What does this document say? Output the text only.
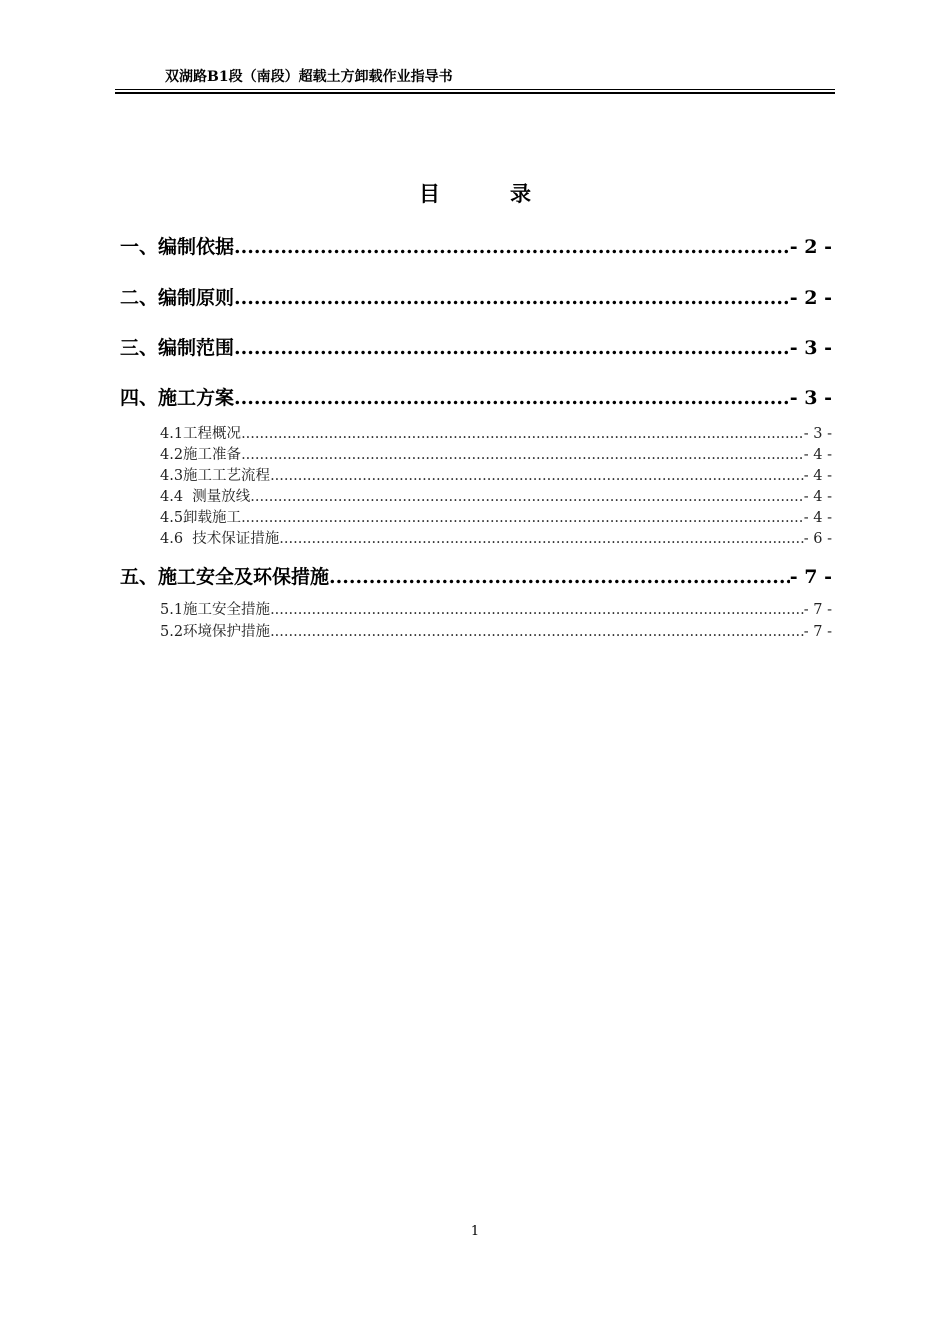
双湖路B1段（南段）超载土方卸载作业指导书
目	录
一、编制依据 .....	- 2 -
二、编制原则 .....	- 2 -
三、编制范围 .....	- 3 -
四、施工方案 .....	- 3 -
4.1工程概况 .....	- 3 -
4.2施工准备 .....	- 4 -
4.3施工工艺流程 .....	- 4 -
4.4  测量放线 .....	- 4 -
4.5卸载施工 .....	- 4 -
4.6  技术保证措施 .....	- 6 -
五、施工安全及环保措施 .....	- 7 -
5.1施工安全措施 .....	- 7 -
5.2环境保护措施 .....	- 7 -
1
